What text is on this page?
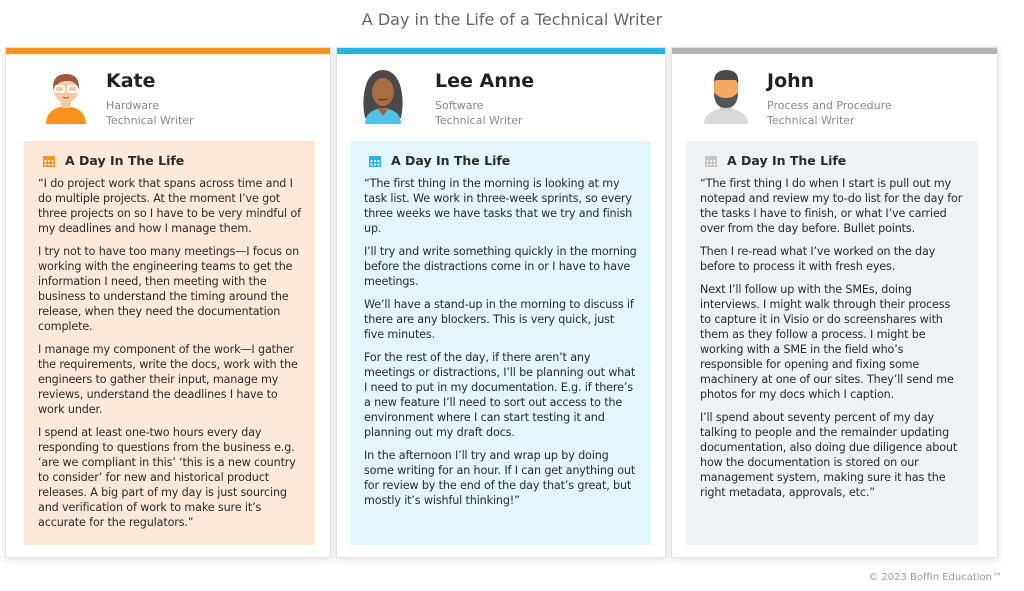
A Day in the Life of a Technical Writer
Kate
Hardware
Technical Writer
A Day In The Life

“I do project work that spans across time and I do multiple projects. At the moment I’ve got three projects on so I have to be very mindful of my deadlines and how I manage them.

I try not to have too many meetings—I focus on working with the engineering teams to get the information I need, then meeting with the business to understand the timing around the release, when they need the documentation complete.

I manage my component of the work—I gather the requirements, write the docs, work with the engineers to gather their input, manage my reviews, understand the deadlines I have to work under.

I spend at least one-two hours every day responding to questions from the business e.g. ‘are we compliant in this’ ‘this is a new country to consider’ for new and historical product releases. A big part of my day is just sourcing and verification of work to make sure it’s accurate for the regulators.”

Lee Anne
Software
Technical Writer
A Day In The Life

“The first thing in the morning is looking at my task list. We work in three-week sprints, so every three weeks we have tasks that we try and finish up.

I’ll try and write something quickly in the morning before the distractions come in or I have to have meetings.

We’ll have a stand-up in the morning to discuss if there are any blockers. This is very quick, just five minutes.

For the rest of the day, if there aren’t any meetings or distractions, I’ll be planning out what I need to put in my documentation. E.g. if there’s a new feature I’ll need to sort out access to the environment where I can start testing it and planning out my draft docs.

In the afternoon I’ll try and wrap up by doing some writing for an hour. If I can get anything out for review by the end of the day that’s great, but mostly it’s wishful thinking!”

John
Process and Procedure
Technical Writer
A Day In The Life

“The first thing I do when I start is pull out my notepad and review my to-do list for the day for the tasks I have to finish, or what I’ve carried over from the day before. Bullet points.

Then I re-read what I’ve worked on the day before to process it with fresh eyes.

Next I’ll follow up with the SMEs, doing interviews. I might walk through their process to capture it in Visio or do screenshares with them as they follow a process. I might be working with a SME in the field who’s responsible for opening and fixing some machinery at one of our sites. They’ll send me photos for my docs which I caption.

I’ll spend about seventy percent of my day talking to people and the remainder updating documentation, also doing due diligence about how the documentation is stored on our management system, making sure it has the right metadata, approvals, etc.”

© 2023 Boffin Education™
